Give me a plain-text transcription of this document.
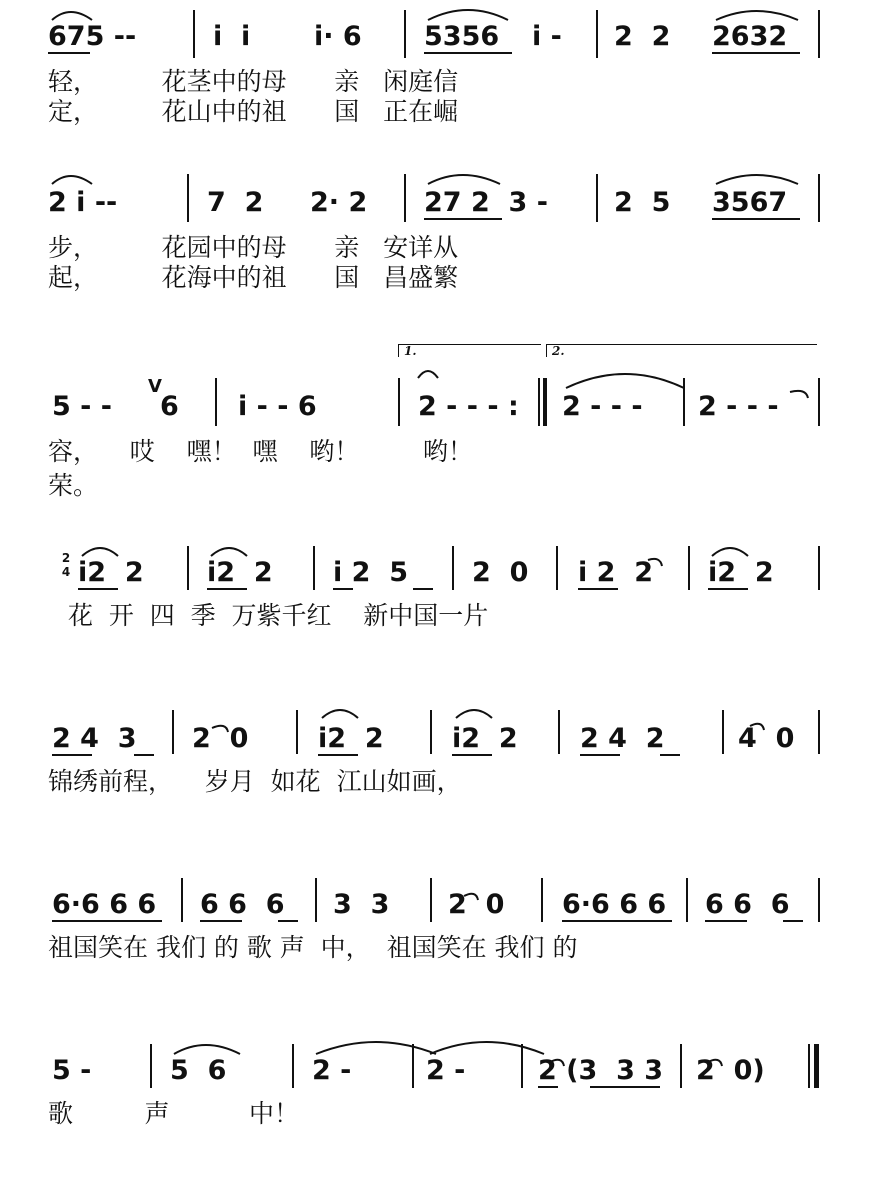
675 --	i  i i· 6 5356 i - 2  2 2632
轻，        花茎中的母      亲   闲庭信
定，        花山中的祖      国   正在崛
2 i --	7  2 2· 2 27 2  3 - 2  5 3567
步，        花园中的母      亲   安详从
起，        花海中的祖      国   昌盛繁
1.	2.
5 - -
V
6 i - - 6	2 - - - : 2 - - - 2 - - -
容，    哎    嘿！  嘿    哟！        哟！
荣。
2
4 i2  2 i2  2 i 2  5 2  0 i 2  2 i2  2
花  开  四  季  万紫千红    新中国一片
2 4  3 2  0	i2  2	i2  2 2 4  2	4  0
锦绣前程，    岁月  如花  江山如画，
6·6 6 6 6 6  6 3  3 2  0 6·6 6 6 6 6  6
祖国笑在 我们 的 歌 声  中，  祖国笑在 我们 的
5 -	5  6	2 -	2 -	2 (3  3 3 2  0)
歌         声          中！
